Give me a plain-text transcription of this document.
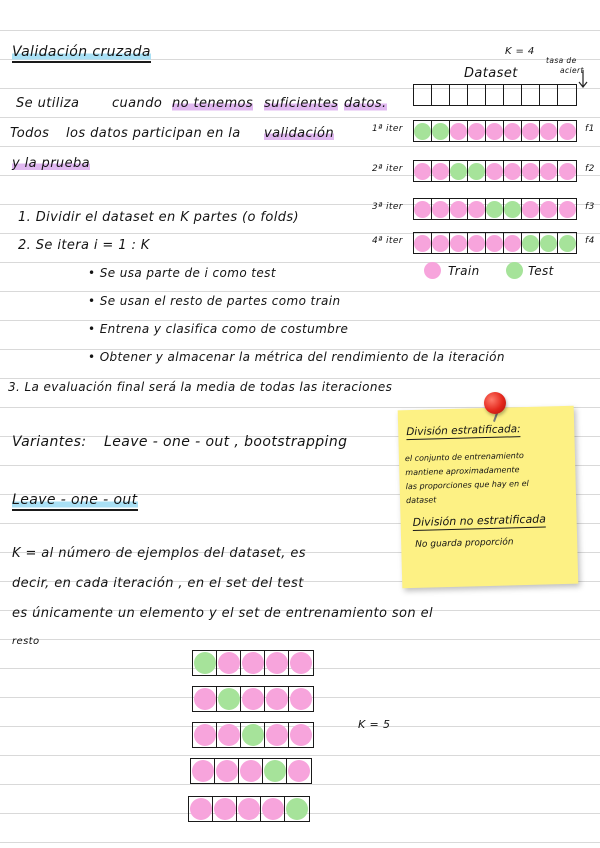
Validación cruzada
Se utiliza	cuando no tenemos suficientes datos.
Todos los datos participan en la validación
y la prueba
1. Dividir el dataset en K partes (o folds)
2. Se itera i = 1 : K
• Se usa parte de i como test
• Se usan el resto de partes como train
• Entrena y clasifica como de costumbre
• Obtener y almacenar la métrica del rendimiento de la iteración
3. La evaluación final será la media de todas las iteraciones
K = 4
tasa de
aciert
Dataset
1ª iter	f1
2ª iter	f2
3ª iter	f3
4ª iter	f4
Train	Test
Variantes: Leave - one - out , bootstrapping
División estratificada:
el conjunto de entrenamiento
mantiene aproximadamente
las proporciones que hay en el
dataset
División no estratificada
No guarda proporción
Leave - one - out
K = al número de ejemplos del dataset, es
decir, en cada iteración , en el set del test
es únicamente un elemento y el set de entrenamiento son el
resto
K = 5
